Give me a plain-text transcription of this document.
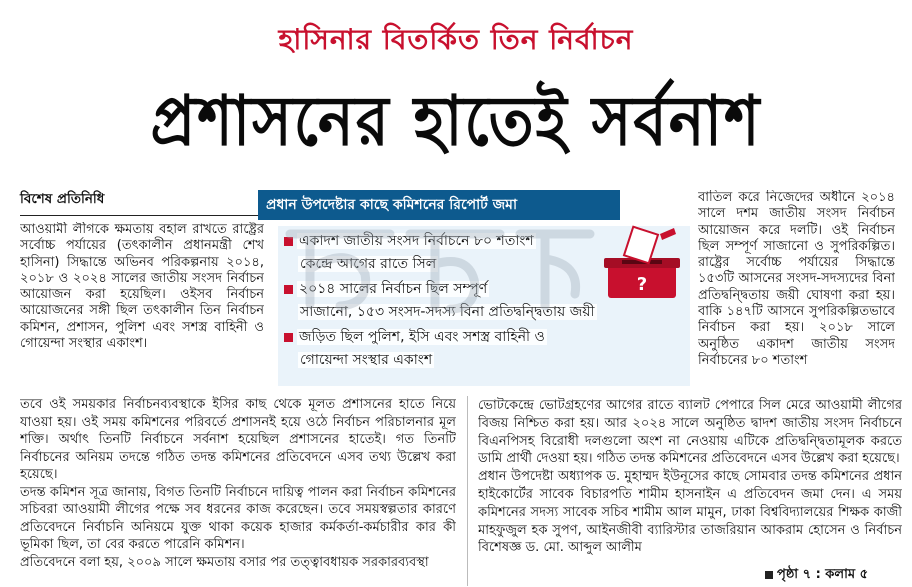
হাসিনার বিতর্কিত তিন নির্বাচন
প্রশাসনের হাতেই সর্বনাশ
বিশেষ প্রতিনিধি

আওয়ামী লীগকে ক্ষমতায় বহাল রাখতে রাষ্ট্রের সর্বোচ্চ পর্যায়ের (তৎকালীন প্রধানমন্ত্রী শেখ হাসিনা) সিদ্ধান্তে অভিনব পরিকল্পনায় ২০১৪, ২০১৮ ও ২০২৪ সালের জাতীয় সংসদ নির্বাচন আয়োজন করা হয়েছিল। ওইসব নির্বাচন আয়োজনের সঙ্গী ছিল তৎকালীন তিন নির্বাচন কমিশন, প্রশাসন, পুলিশ এবং সশস্ত্র বাহিনী ও গোয়েন্দা সংস্থার একাংশ।

একাদশ জাতীয় সংসদ নির্বাচনে ৮০ শতাংশ
কেন্দ্রে আগের রাতে সিল
২০১৪ সালের নির্বাচন ছিল সম্পূর্ণ
সাজানো, ১৫৩ সংসদ-সদস্য বিনা প্রতিদ্বন্দ্বিতায় জয়ী
জড়িত ছিল পুলিশ, ইসি এবং সশস্ত্র বাহিনী ও
গোয়েন্দা সংস্থার একাংশ
প্রধান উপদেষ্টার কাছে কমিশনের রিপোর্ট জমা
?

বাতিল করে নিজেদের অধীনে ২০১৪ সালে দশম জাতীয় সংসদ নির্বাচন আয়োজন করে দলটি। ওই নির্বাচন ছিল সম্পূর্ণ সাজানো ও সুপরিকল্পিত। রাষ্ট্রের সর্বোচ্চ পর্যায়ের সিদ্ধান্তে ১৫৩টি আসনের সংসদ-সদস্যদের বিনা প্রতিদ্বন্দ্বিতায় জয়ী ঘোষণা করা হয়। বাকি ১৪৭টি আসনে সুপরিকল্পিতভাবে নির্বাচন করা হয়। ২০১৮ সালে অনুষ্ঠিত একাদশ জাতীয় সংসদ নির্বাচনের ৮০ শতাংশ

তবে ওই সময়কার নির্বাচনব্যবস্থাকে ইসির কাছ থেকে মূলত প্রশাসনের হাতে নিয়ে যাওয়া হয়। ওই সময় কমিশনের পরিবর্তে প্রশাসনই হয়ে ওঠে নির্বাচন পরিচালনার মূল শক্তি। অর্থাৎ তিনটি নির্বাচনে সর্বনাশ হয়েছিল প্রশাসনের হাতেই। গত তিনটি নির্বাচনের অনিয়ম তদন্তে গঠিত তদন্ত কমিশনের প্রতিবেদনে এসব তথ্য উল্লেখ করা হয়েছে।

তদন্ত কমিশন সূত্র জানায়, বিগত তিনটি নির্বাচনে দায়িত্ব পালন করা নির্বাচন কমিশনের সচিবরা আওয়ামী লীগের পক্ষে সব ধরনের কাজ করেছেন। তবে সময়স্বল্পতার কারণে প্রতিবেদনে নির্বাচনি অনিয়মে যুক্ত থাকা কয়েক হাজার কর্মকর্তা-কর্মচারীর কার কী ভূমিকা ছিল, তা বের করতে পারেনি কমিশন।

প্রতিবেদনে বলা হয়, ২০০৯ সালে ক্ষমতায় বসার পর তত্ত্বাবধায়ক সরকারব্যবস্থা

ভোটকেন্দ্রে ভোটগ্রহণের আগের রাতে ব্যালট পেপারে সিল মেরে আওয়ামী লীগের বিজয় নিশ্চিত করা হয়। আর ২০২৪ সালে অনুষ্ঠিত দ্বাদশ জাতীয় সংসদ নির্বাচনে বিএনপিসহ বিরোধী দলগুলো অংশ না নেওয়ায় এটিকে প্রতিদ্বন্দ্বিতামূলক করতে ডামি প্রার্থী দেওয়া হয়। গঠিত তদন্ত কমিশনের প্রতিবেদনে এসব উল্লেখ করা হয়েছে।

প্রধান উপদেষ্টা অধ্যাপক ড. মুহাম্মদ ইউনূসের কাছে সোমবার তদন্ত কমিশনের প্রধান হাইকোর্টের সাবেক বিচারপতি শামীম হাসনাইন এ প্রতিবেদন জমা দেন। এ সময় কমিশনের সদস্য সাবেক সচিব শামীম আল মামুন, ঢাকা বিশ্ববিদ্যালয়ের শিক্ষক কাজী মাহফুজুল হক সুপণ, আইনজীবী ব্যারিস্টার তাজরিয়ান আকরাম হোসেন ও নির্বাচন বিশেষজ্ঞ ড. মো. আব্দুল আলীম

পৃষ্ঠা ৭ : কলাম ৫
